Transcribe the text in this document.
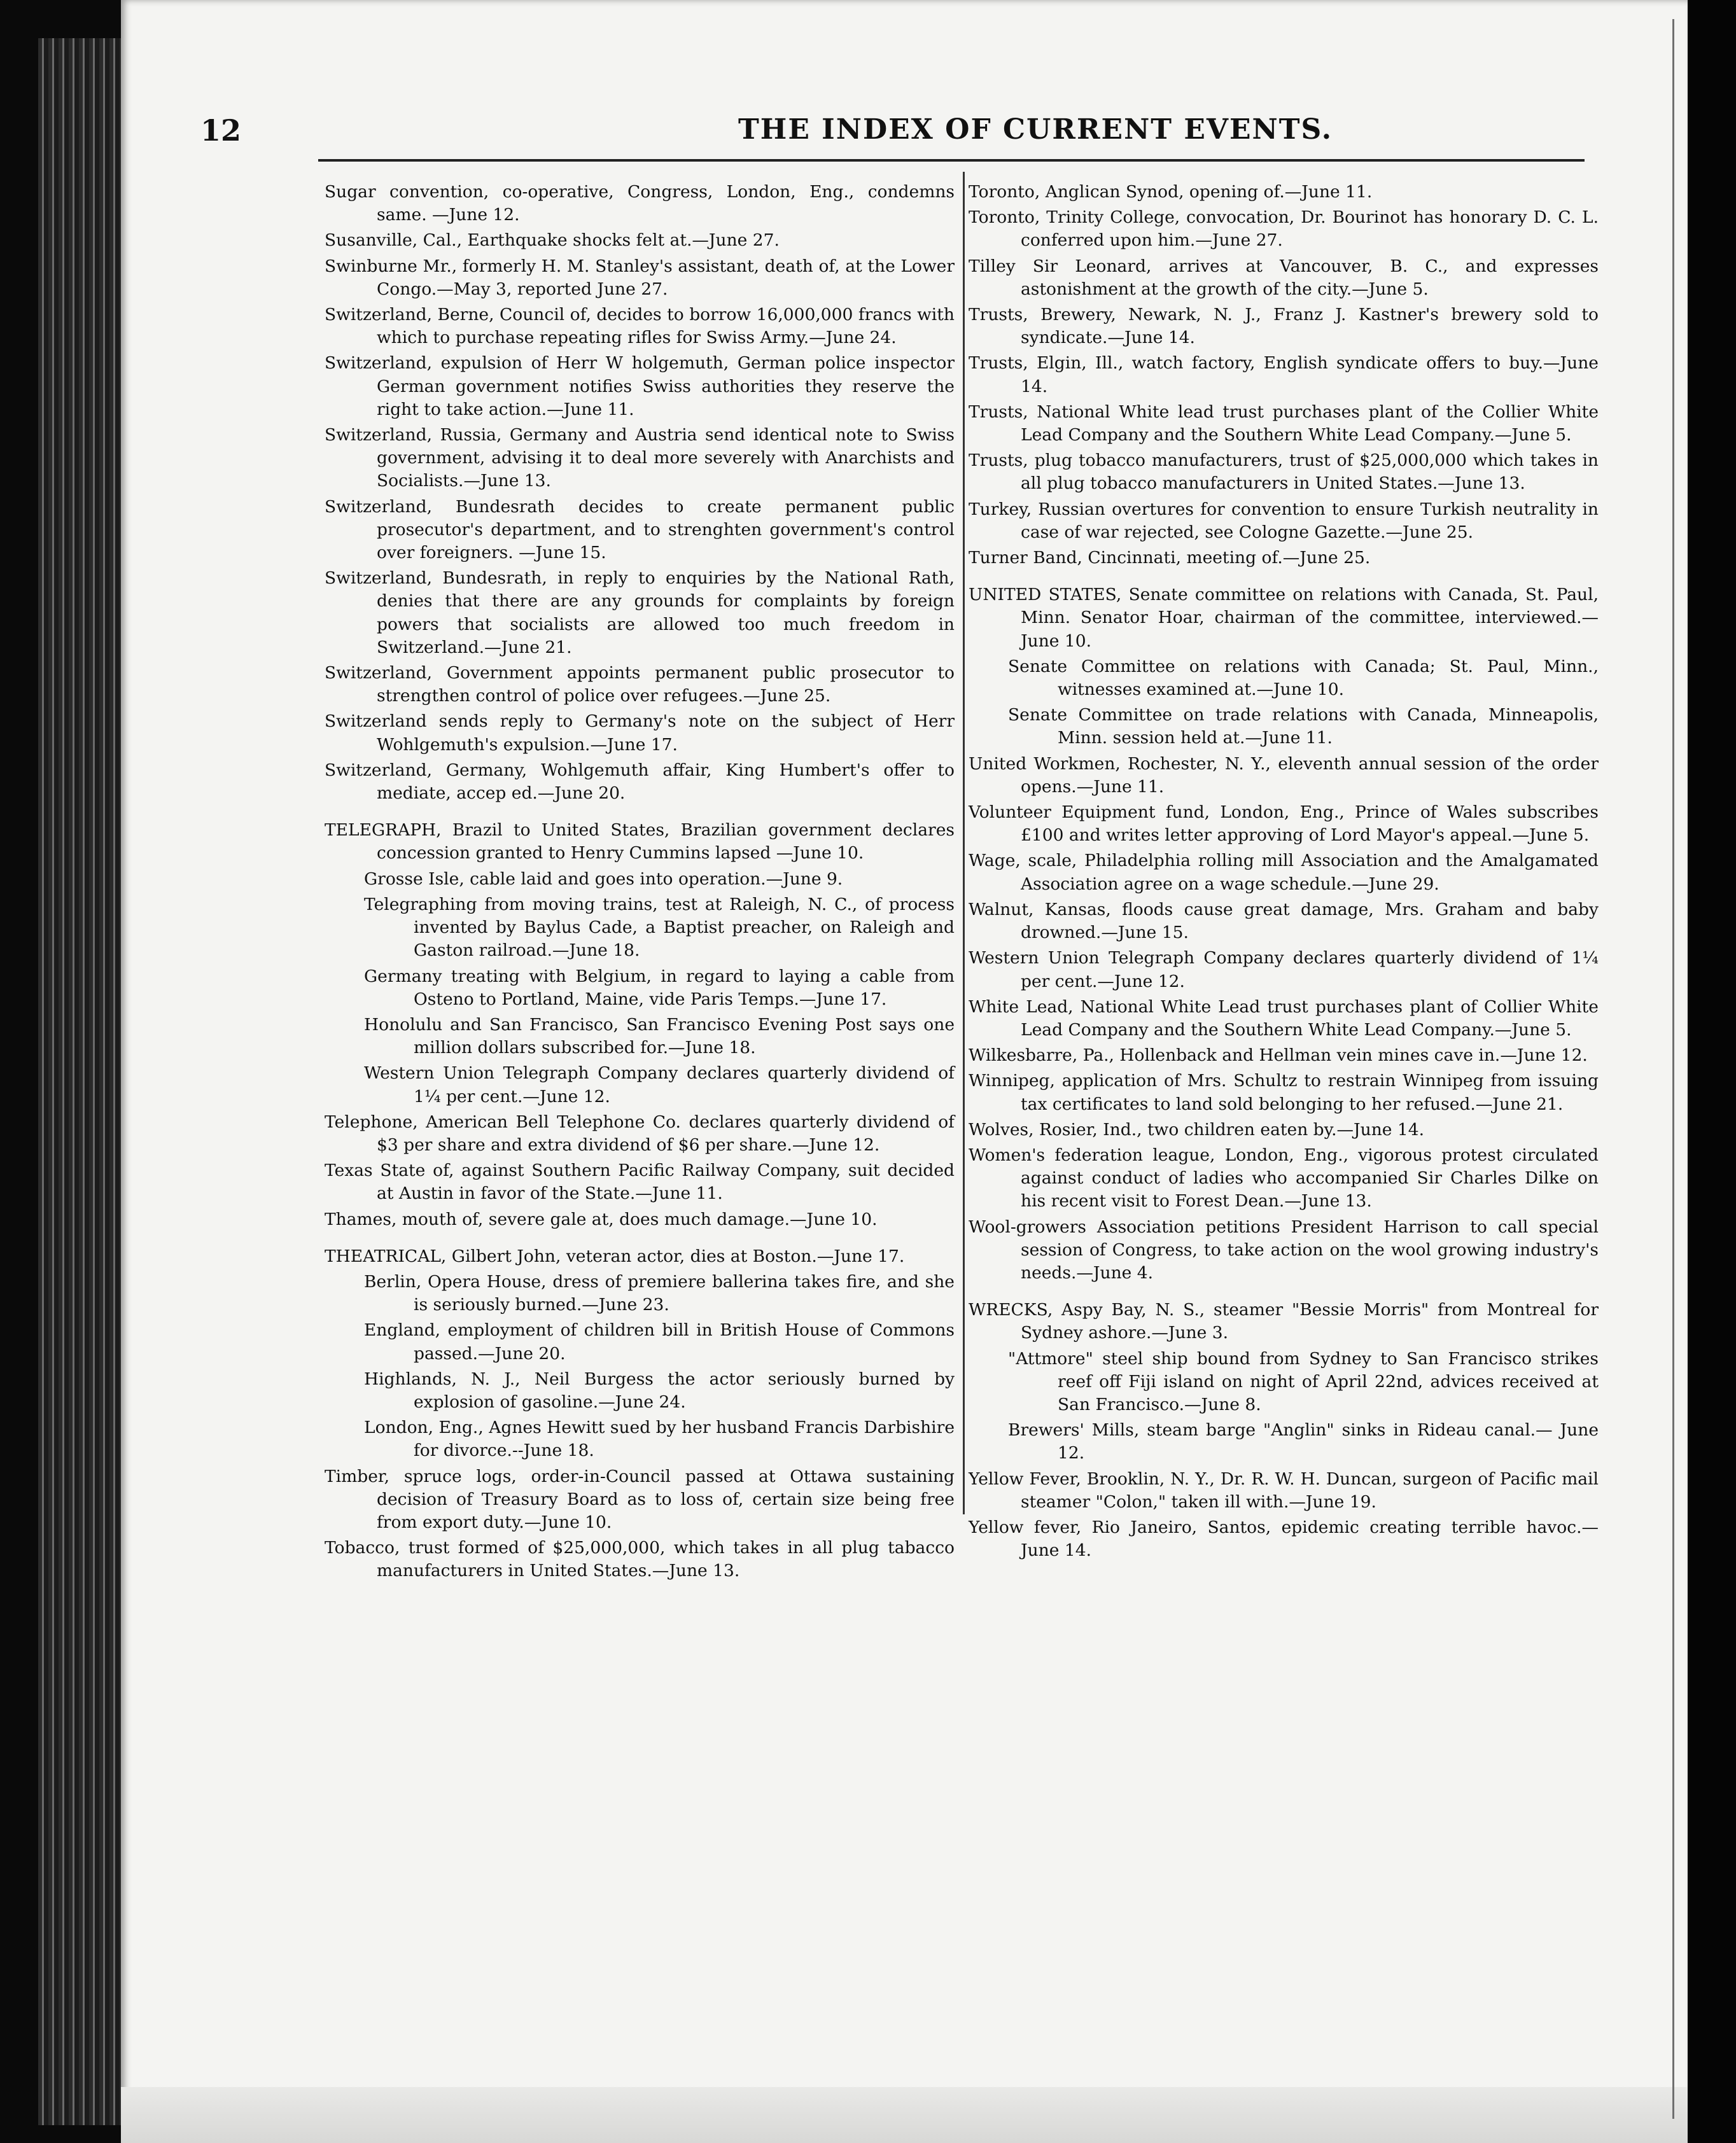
12	THE INDEX OF CURRENT EVENTS.

Sugar convention, co-operative, Congress, London, Eng., condemns same. —June 12.

Susanville, Cal., Earthquake shocks felt at.—June 27.

Swinburne Mr., formerly H. M. Stanley's assistant, death of, at the Lower Congo.—May 3, reported June 27.

Switzerland, Berne, Council of, decides to borrow 16,000,000 francs with which to purchase repeating rifles for Swiss Army.—June 24.

Switzerland, expulsion of Herr W holgemuth, German police inspector German government notifies Swiss authorities they reserve the right to take action.—June 11.

Switzerland, Russia, Germany and Austria send identical note to Swiss government, advising it to deal more severely with Anarchists and Socialists.—June 13.

Switzerland, Bundesrath decides to create permanent public prosecutor's department, and to strenghten government's control over foreigners. —June 15.

Switzerland, Bundesrath, in reply to enquiries by the National Rath, denies that there are any grounds for complaints by foreign powers that socialists are allowed too much freedom in Switzerland.—June 21.

Switzerland, Government appoints permanent public prosecutor to strengthen control of police over refugees.—June 25.

Switzerland sends reply to Germany's note on the subject of Herr Wohlgemuth's expulsion.—June 17.

Switzerland, Germany, Wohlgemuth affair, King Humbert's offer to mediate, accep ed.—June 20.

TELEGRAPH, Brazil to United States, Brazilian government declares concession granted to Henry Cummins lapsed —June 10.

Grosse Isle, cable laid and goes into operation.—June 9.

Telegraphing from moving trains, test at Raleigh, N. C., of process invented by Baylus Cade, a Baptist preacher, on Raleigh and Gaston railroad.—June 18.

Germany treating with Belgium, in regard to laying a cable from Osteno to Portland, Maine, vide Paris Temps.—June 17.

Honolulu and San Francisco, San Francisco Evening Post says one million dollars subscribed for.—June 18.

Western Union Telegraph Company declares quarterly dividend of 1¼ per cent.—June 12.

Telephone, American Bell Telephone Co. declares quarterly dividend of $3 per share and extra dividend of $6 per share.—June 12.

Texas State of, against Southern Pacific Railway Company, suit decided at Austin in favor of the State.—June 11.

Thames, mouth of, severe gale at, does much damage.—June 10.

THEATRICAL, Gilbert John, veteran actor, dies at Boston.—June 17.

Berlin, Opera House, dress of premiere ballerina takes fire, and she is seriously burned.—June 23.

England, employment of children bill in British House of Commons passed.—June 20.

Highlands, N. J., Neil Burgess the actor seriously burned by explosion of gasoline.—June 24.

London, Eng., Agnes Hewitt sued by her husband Francis Darbishire for divorce.--June 18.

Timber, spruce logs, order-in-Council passed at Ottawa sustaining decision of Treasury Board as to loss of, certain size being free from export duty.—June 10.

Tobacco, trust formed of $25,000,000, which takes in all plug tabacco manufacturers in United States.—June 13.

Toronto, Anglican Synod, opening of.—June 11.

Toronto, Trinity College, convocation, Dr. Bourinot has honorary D. C. L. conferred upon him.—June 27.

Tilley Sir Leonard, arrives at Vancouver, B. C., and expresses astonishment at the growth of the city.—June 5.

Trusts, Brewery, Newark, N. J., Franz J. Kastner's brewery sold to syndicate.—June 14.

Trusts, Elgin, Ill., watch factory, English syndicate offers to buy.—June 14.

Trusts, National White lead trust purchases plant of the Collier White Lead Company and the Southern White Lead Company.—June 5.

Trusts, plug tobacco manufacturers, trust of $25,000,000 which takes in all plug tobacco manufacturers in United States.—June 13.

Turkey, Russian overtures for convention to ensure Turkish neutrality in case of war rejected, see Cologne Gazette.—June 25.

Turner Band, Cincinnati, meeting of.—June 25.

UNITED STATES, Senate committee on relations with Canada, St. Paul, Minn. Senator Hoar, chairman of the committee, interviewed.— June 10.

Senate Committee on relations with Canada; St. Paul, Minn., witnesses examined at.—June 10.

Senate Committee on trade relations with Canada, Minneapolis, Minn. session held at.—June 11.

United Workmen, Rochester, N. Y., eleventh annual session of the order opens.—June 11.

Volunteer Equipment fund, London, Eng., Prince of Wales subscribes £100 and writes letter approving of Lord Mayor's appeal.—June 5.

Wage, scale, Philadelphia rolling mill Association and the Amalgamated Association agree on a wage schedule.—June 29.

Walnut, Kansas, floods cause great damage, Mrs. Graham and baby drowned.—June 15.

Western Union Telegraph Company declares quarterly dividend of 1¼ per cent.—June 12.

White Lead, National White Lead trust purchases plant of Collier White Lead Company and the Southern White Lead Company.—June 5.

Wilkesbarre, Pa., Hollenback and Hellman vein mines cave in.—June 12.

Winnipeg, application of Mrs. Schultz to restrain Winnipeg from issuing tax certificates to land sold belonging to her refused.—June 21.

Wolves, Rosier, Ind., two children eaten by.—June 14.

Women's federation league, London, Eng., vigorous protest circulated against conduct of ladies who accompanied Sir Charles Dilke on his recent visit to Forest Dean.—June 13.

Wool-growers Association petitions President Harrison to call special session of Congress, to take action on the wool growing industry's needs.—June 4.

WRECKS, Aspy Bay, N. S., steamer "Bessie Morris" from Montreal for Sydney ashore.—June 3.

"Attmore" steel ship bound from Sydney to San Francisco strikes reef off Fiji island on night of April 22nd, advices received at San Francisco.—June 8.

Brewers' Mills, steam barge "Anglin" sinks in Rideau canal.— June 12.

Yellow Fever, Brooklin, N. Y., Dr. R. W. H. Duncan, surgeon of Pacific mail steamer "Colon," taken ill with.—June 19.

Yellow fever, Rio Janeiro, Santos, epidemic creating terrible havoc.— June 14.
